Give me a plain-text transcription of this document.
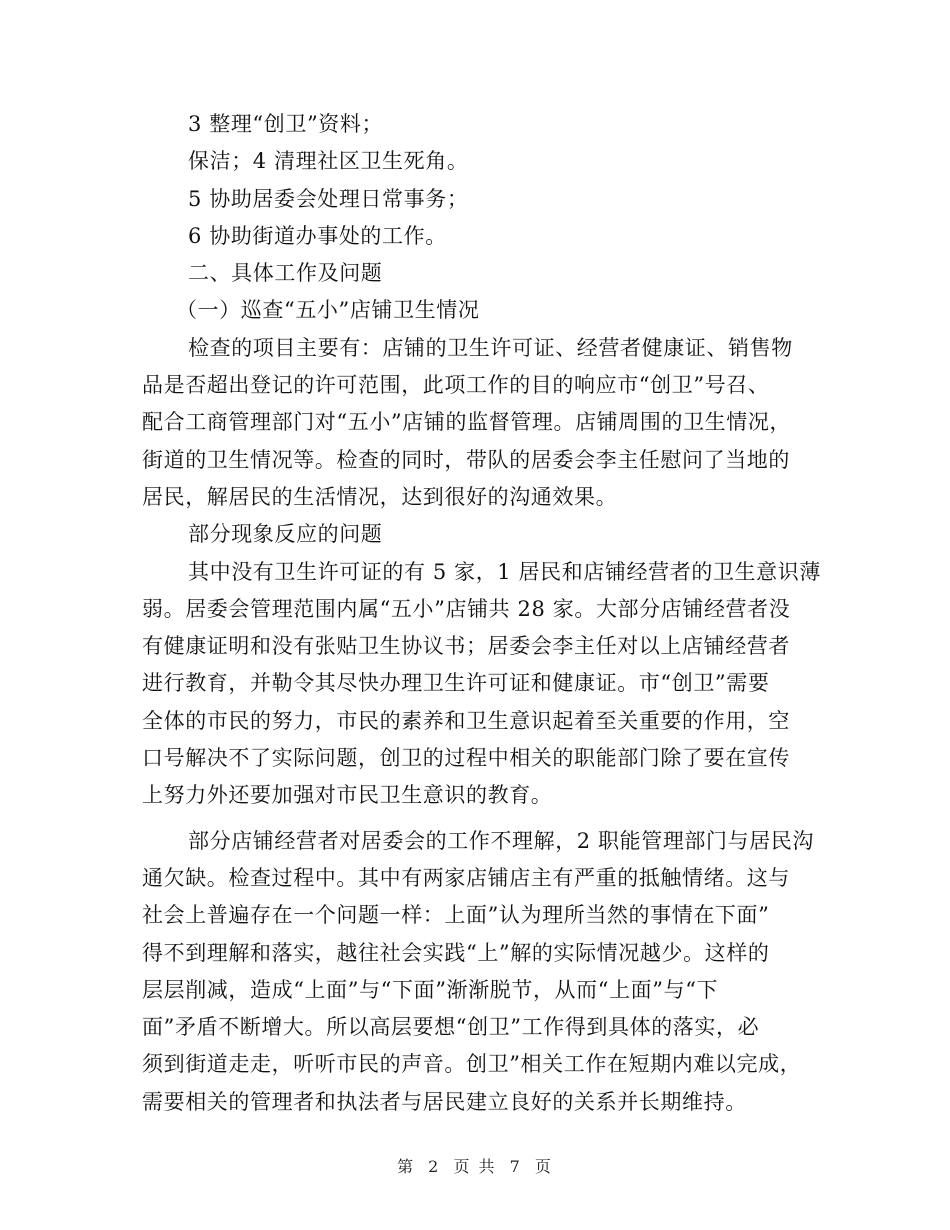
3 整理“创卫”资料；
保洁；4 清理社区卫生死角。
5 协助居委会处理日常事务；
6 协助街道办事处的工作。
二、具体工作及问题
（一）巡查“五小”店铺卫生情况
检查的项目主要有：店铺的卫生许可证、经营者健康证、销售物
品是否超出登记的许可范围，此项工作的目的响应市“创卫”号召、
配合工商管理部门对“五小”店铺的监督管理。店铺周围的卫生情况，
街道的卫生情况等。检查的同时，带队的居委会李主任慰问了当地的
居民，解居民的生活情况，达到很好的沟通效果。
部分现象反应的问题
其中没有卫生许可证的有 5 家，1 居民和店铺经营者的卫生意识薄
弱。居委会管理范围内属“五小”店铺共 28 家。大部分店铺经营者没
有健康证明和没有张贴卫生协议书；居委会李主任对以上店铺经营者
进行教育，并勒令其尽快办理卫生许可证和健康证。市“创卫”需要
全体的市民的努力，市民的素养和卫生意识起着至关重要的作用，空
口号解决不了实际问题，创卫的过程中相关的职能部门除了要在宣传
上努力外还要加强对市民卫生意识的教育。
部分店铺经营者对居委会的工作不理解，2 职能管理部门与居民沟
通欠缺。检查过程中。其中有两家店铺店主有严重的抵触情绪。这与
社会上普遍存在一个问题一样：上面”认为理所当然的事情在下面”
得不到理解和落实，越往社会实践“上”解的实际情况越少。这样的
层层削减，造成“上面”与“下面”渐渐脱节，从而“上面”与“下
面”矛盾不断增大。所以高层要想“创卫”工作得到具体的落实，必
须到街道走走，听听市民的声音。创卫”相关工作在短期内难以完成，
需要相关的管理者和执法者与居民建立良好的关系并长期维持。
第 2 页 共 7 页
